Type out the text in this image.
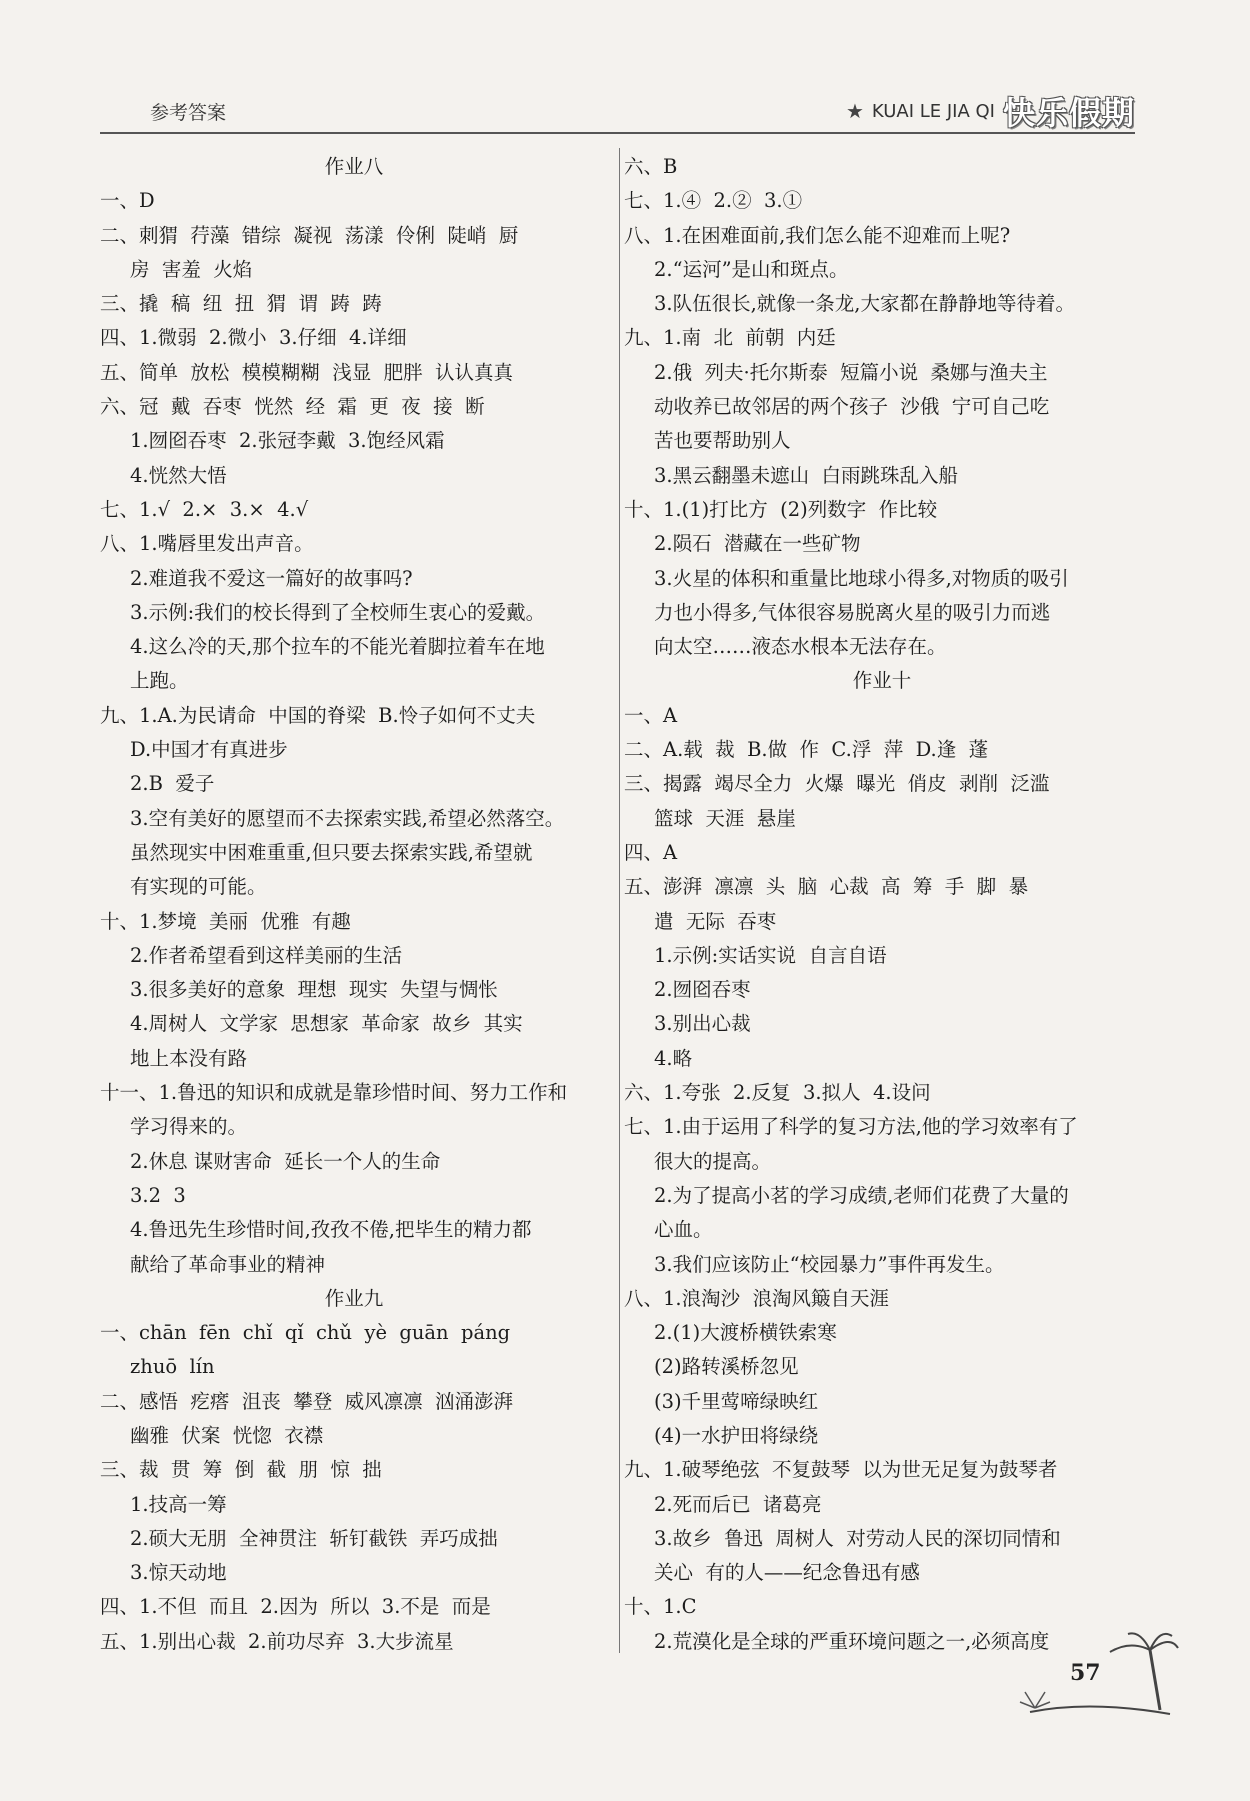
参考答案	★ KUAI LE JIA QI 快乐假期
作业八
一、D
二、刺猬  荇藻  错综  凝视  荡漾  伶俐  陡峭  厨
房  害羞  火焰
三、撬  稿  纽  扭  猬  谓  踌  踌
四、1.微弱  2.微小  3.仔细  4.详细
五、简单  放松  模模糊糊  浅显  肥胖  认认真真
六、冠  戴  吞枣  恍然  经  霜  更  夜  接  断
1.囫囵吞枣  2.张冠李戴  3.饱经风霜
4.恍然大悟
七、1.√  2.×  3.×  4.√
八、1.嘴唇里发出声音。
2.难道我不爱这一篇好的故事吗?
3.示例:我们的校长得到了全校师生衷心的爱戴。
4.这么冷的天,那个拉车的不能光着脚拉着车在地
上跑。
九、1.A.为民请命  中国的脊梁  B.怜子如何不丈夫
D.中国才有真进步
2.B  爱子
3.空有美好的愿望而不去探索实践,希望必然落空。
虽然现实中困难重重,但只要去探索实践,希望就
有实现的可能。
十、1.梦境  美丽  优雅  有趣
2.作者希望看到这样美丽的生活
3.很多美好的意象  理想  现实  失望与惆怅
4.周树人  文学家  思想家  革命家  故乡  其实
地上本没有路
十一、1.鲁迅的知识和成就是靠珍惜时间、努力工作和
学习得来的。
2.休息 谋财害命  延长一个人的生命
3.2  3
4.鲁迅先生珍惜时间,孜孜不倦,把毕生的精力都
献给了革命事业的精神
作业九
一、chān  fēn  chǐ  qǐ  chǔ  yè  guān  páng
zhuō  lín
二、感悟  疙瘩  沮丧  攀登  威风凛凛  汹涌澎湃
幽雅  伏案  恍惚  衣襟
三、裁  贯  筹  倒  截  朋  惊  拙
1.技高一筹
2.硕大无朋  全神贯注  斩钉截铁  弄巧成拙
3.惊天动地
四、1.不但  而且  2.因为  所以  3.不是  而是
五、1.别出心裁  2.前功尽弃  3.大步流星
六、B
七、1.④  2.②  3.①
八、1.在困难面前,我们怎么能不迎难而上呢?
2.“运河”是山和斑点。
3.队伍很长,就像一条龙,大家都在静静地等待着。
九、1.南  北  前朝  内廷
2.俄  列夫·托尔斯泰  短篇小说  桑娜与渔夫主
动收养已故邻居的两个孩子  沙俄  宁可自己吃
苦也要帮助别人
3.黑云翻墨未遮山  白雨跳珠乱入船
十、1.(1)打比方  (2)列数字  作比较
2.陨石  潜藏在一些矿物
3.火星的体积和重量比地球小得多,对物质的吸引
力也小得多,气体很容易脱离火星的吸引力而逃
向太空……液态水根本无法存在。
作业十
一、A
二、A.载  裁  B.做  作  C.浮  萍  D.逢  蓬
三、揭露  竭尽全力  火爆  曝光  俏皮  剥削  泛滥
篮球  天涯  悬崖
四、A
五、澎湃  凛凛  头  脑  心裁  高  筹  手  脚  暴
遣  无际  吞枣
1.示例:实话实说  自言自语
2.囫囵吞枣
3.别出心裁
4.略
六、1.夸张  2.反复  3.拟人  4.设问
七、1.由于运用了科学的复习方法,他的学习效率有了
很大的提高。
2.为了提高小茗的学习成绩,老师们花费了大量的
心血。
3.我们应该防止“校园暴力”事件再发生。
八、1.浪淘沙  浪淘风簸自天涯
2.(1)大渡桥横铁索寒
(2)路转溪桥忽见
(3)千里莺啼绿映红
(4)一水护田将绿绕
九、1.破琴绝弦  不复鼓琴  以为世无足复为鼓琴者
2.死而后已  诸葛亮
3.故乡  鲁迅  周树人  对劳动人民的深切同情和
关心  有的人——纪念鲁迅有感
十、1.C
2.荒漠化是全球的严重环境问题之一,必须高度
57
